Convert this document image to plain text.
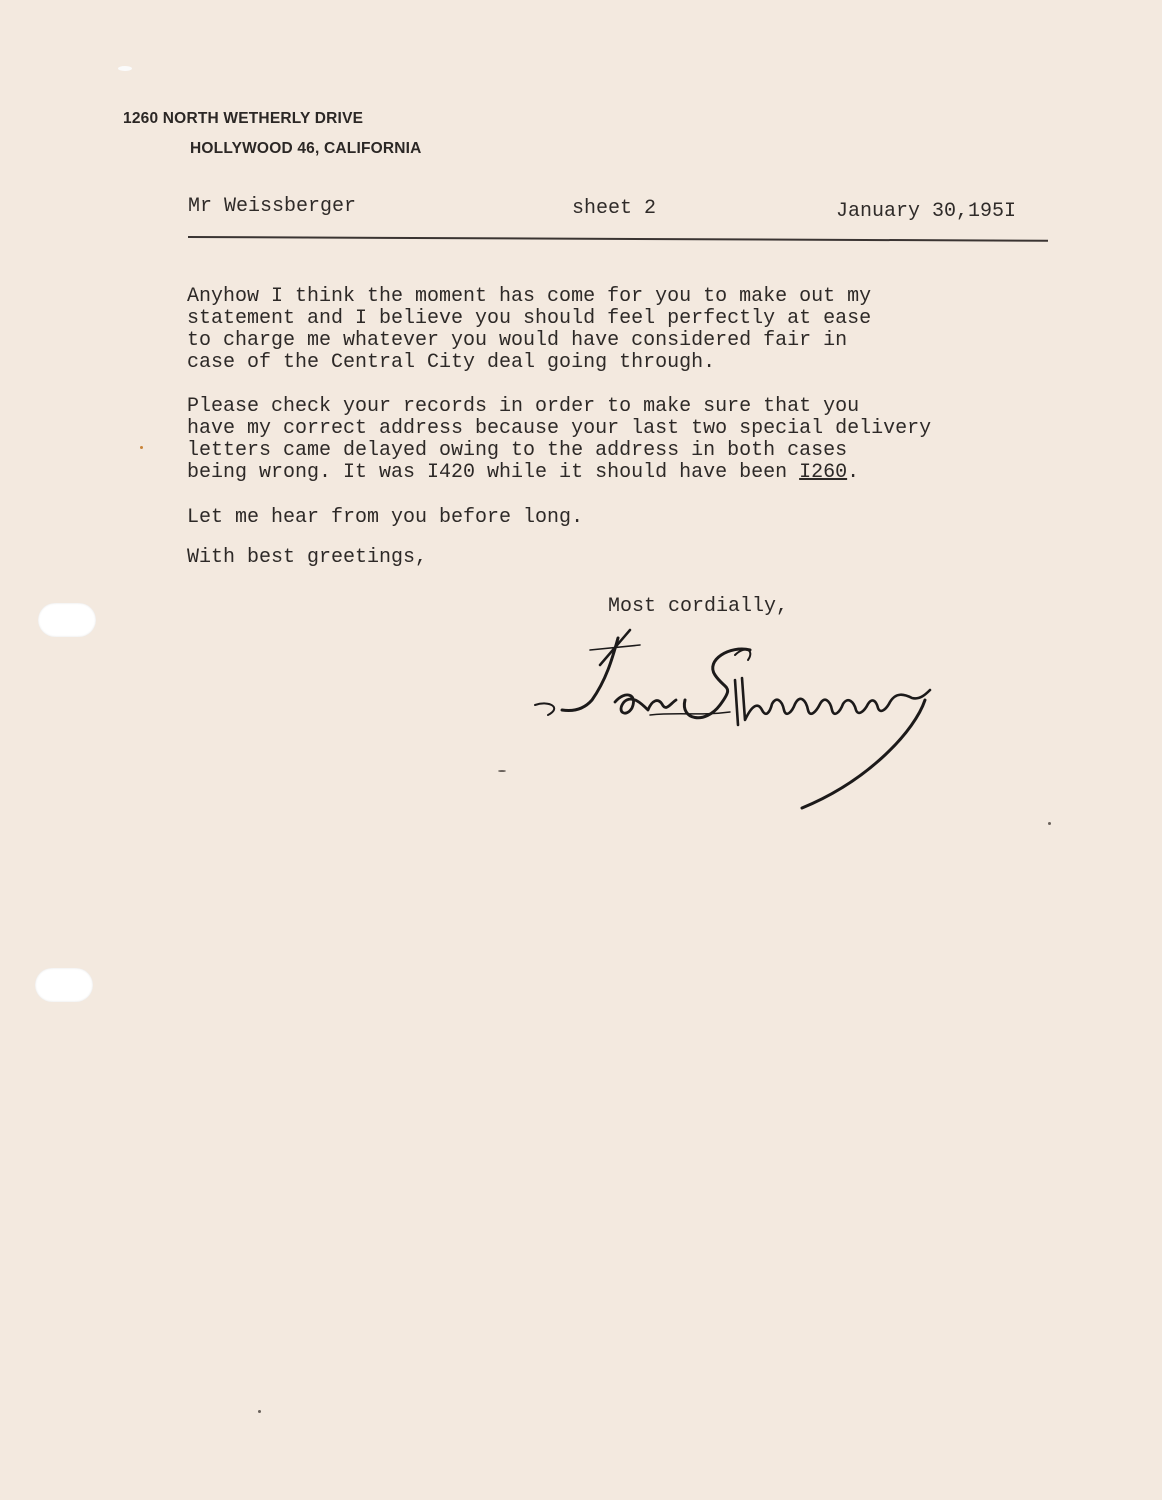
1260 NORTH WETHERLY DRIVE
HOLLYWOOD 46, CALIFORNIA
Mr Weissberger	sheet 2	January 30,195I
Anyhow I think the moment has come for you to make out my
statement and I believe you should feel perfectly at ease
to charge me whatever you would have considered fair in
case of the Central City deal going through.
Please check your records in order to make sure that you
have my correct address because your last two special delivery
letters came delayed owing to the address in both cases
being wrong. It was I420 while it should have been I260.
Let me hear from you before long.
With best greetings,
Most cordially,
